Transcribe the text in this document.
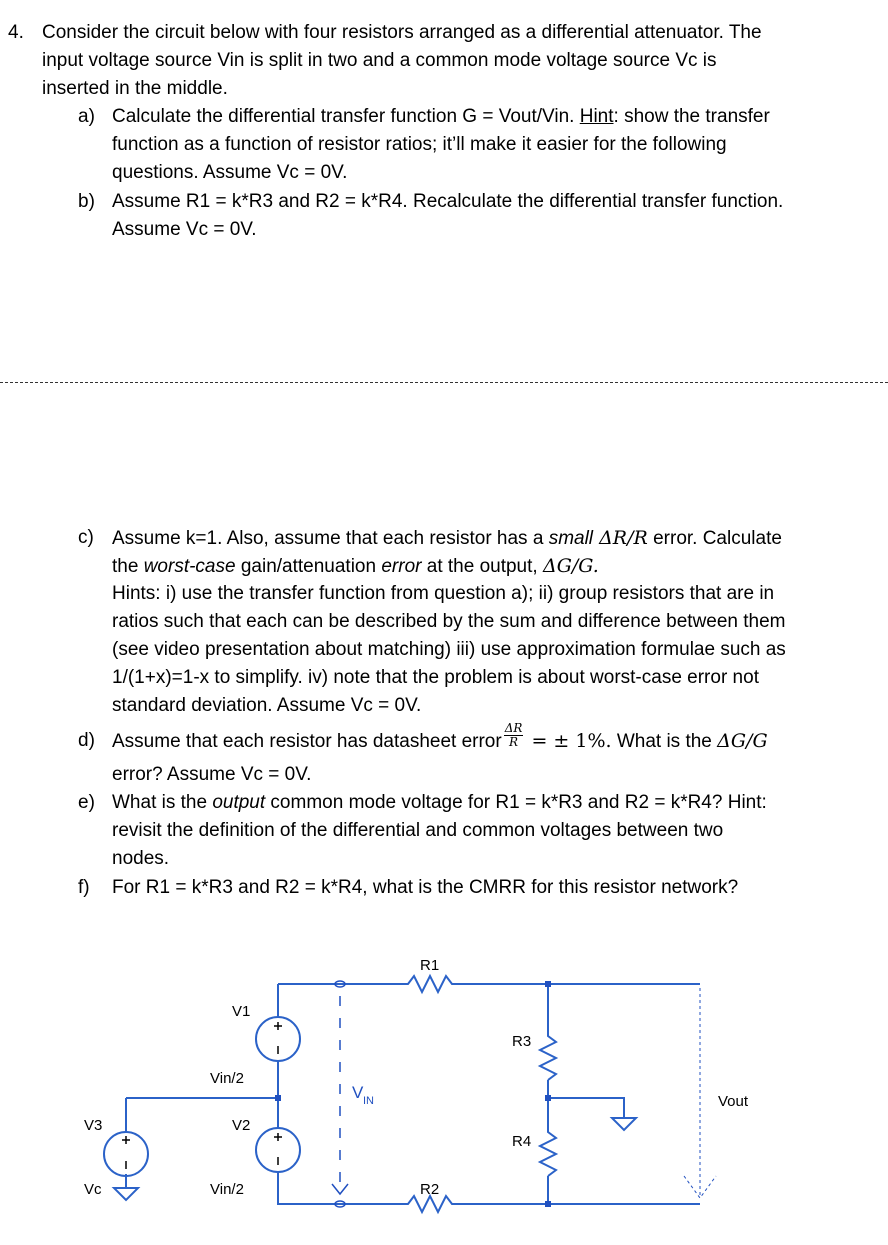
4. Consider the circuit below with four resistors arranged as a differential attenuator. The
input voltage source Vin is split in two and a common mode voltage source Vc is
inserted in the middle.
a) Calculate the differential transfer function G = Vout/Vin. Hint: show the transfer
function as a function of resistor ratios; it’ll make it easier for the following
questions. Assume Vc = 0V.
b) Assume R1 = k*R3 and R2 = k*R4. Recalculate the differential transfer function.
Assume Vc = 0V.
c) Assume k=1. Also, assume that each resistor has a small ΔR/R error. Calculate
the worst-case gain/attenuation error at the output, ΔG/G.
Hints: i) use the transfer function from question a); ii) group resistors that are in
ratios such that each can be described by the sum and difference between them
(see video presentation about matching) iii) use approximation formulae such as
1/(1+x)=1-x to simplify. iv) note that the problem is about worst-case error not
standard deviation. Assume Vc = 0V.
d) Assume that each resistor has datasheet error $\frac{\Delta R}{R}$ = ± 1%. What is the ΔG/G
error? Assume Vc = 0V.
e) What is the output common mode voltage for R1 = k*R3 and R2 = k*R4? Hint:
revisit the definition of the differential and common voltages between two
nodes.
f) For R1 = k*R3 and R2 = k*R4, what is the CMRR for this resistor network?
R1
R2
R3
R4
V1
Vin/2
V2
Vin/2
V3
Vc
V IN	Vout
